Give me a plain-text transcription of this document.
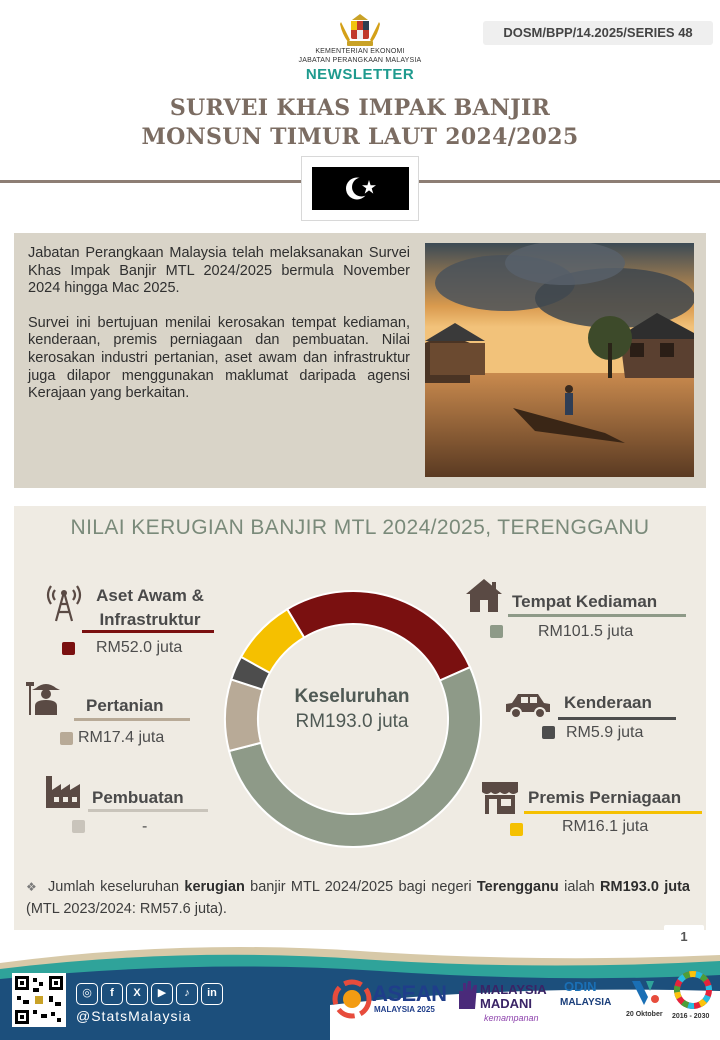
KEMENTERIAN EKONOMI
JABATAN PERANGKAAN MALAYSIA
NEWSLETTER
DOSM/BPP/14.2025/SERIES 48
SURVEI KHAS IMPAK BANJIR
MONSUN TIMUR LAUT 2024/2025

Jabatan Perangkaan Malaysia telah melaksanakan Survei Khas Impak Banjir MTL 2024/2025 bermula November 2024 hingga Mac 2025.

Survei ini bertujuan menilai kerosakan tempat kediaman, kenderaan, premis perniagaan dan pembuatan. Nilai kerosakan industri pertanian, aset awam dan infrastruktur juga dilapor menggunakan maklumat daripada agensi Kerajaan yang berkaitan.

NILAI KERUGIAN BANJIR MTL 2024/2025, TERENGGANU
Keseluruhan
RM193.0 juta
Aset Awam &
Infrastruktur
RM52.0 juta
Pertanian
RM17.4 juta
Pembuatan
-
Tempat Kediaman
RM101.5 juta
Kenderaan
RM5.9 juta
Premis Perniagaan
RM16.1 juta
❖ Jumlah keseluruhan kerugian banjir MTL 2024/2025 bagi negeri Terengganu ialah RM193.0 juta (MTL 2023/2024: RM57.6 juta).
1
◎	f	X	▶	♪	in
@StatsMalaysia
ASEAN
MALAYSIA 2025
MALAYSIA
MADANI
kemampanan
ODIN
MALAYSIA
20 Oktober 2016 - 2030
